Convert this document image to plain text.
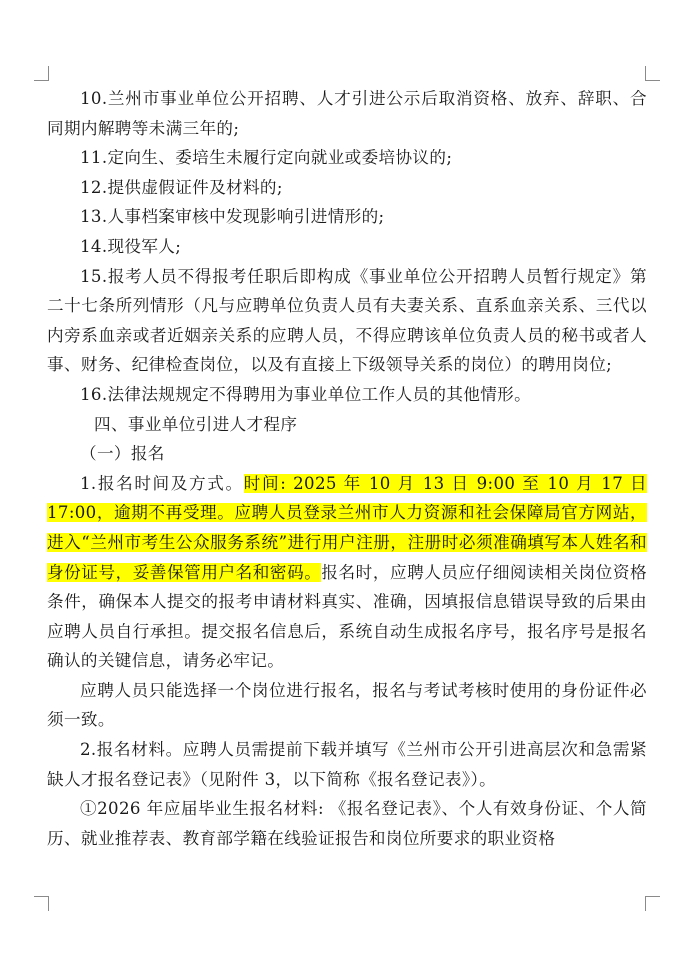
10.兰州市事业单位公开招聘、人才引进公示后取消资格、放弃、辞职、合同期内解聘等未满三年的;

11.定向生、委培生未履行定向就业或委培协议的;

12.提供虚假证件及材料的;

13.人事档案审核中发现影响引进情形的;

14.现役军人;

15.报考人员不得报考任职后即构成《事业单位公开招聘人员暂行规定》第二十七条所列情形（凡与应聘单位负责人员有夫妻关系、直系血亲关系、三代以内旁系血亲或者近姻亲关系的应聘人员，不得应聘该单位负责人员的秘书或者人事、财务、纪律检查岗位，以及有直接上下级领导关系的岗位）的聘用岗位;

16.法律法规规定不得聘用为事业单位工作人员的其他情形。

四、事业单位引进人才程序

（一）报名

1.报名时间及方式。时间: 2025 年 10 月 13 日 9:00 至 10 月 17 日 17:00，逾期不再受理。应聘人员登录兰州市人力资源和社会保障局官方网站，进入“兰州市考生公众服务系统”进行用户注册，注册时必须准确填写本人姓名和身份证号，妥善保管用户名和密码。报名时，应聘人员应仔细阅读相关岗位资格条件，确保本人提交的报考申请材料真实、准确，因填报信息错误导致的后果由应聘人员自行承担。提交报名信息后，系统自动生成报名序号，报名序号是报名确认的关键信息，请务必牢记。

应聘人员只能选择一个岗位进行报名，报名与考试考核时使用的身份证件必须一致。

2.报名材料。应聘人员需提前下载并填写《兰州市公开引进高层次和急需紧缺人才报名登记表》（见附件 3，以下简称《报名登记表》）。

①2026 年应届毕业生报名材料: 《报名登记表》、个人有效身份证、个人简历、就业推荐表、教育部学籍在线验证报告和岗位所要求的职业资格
